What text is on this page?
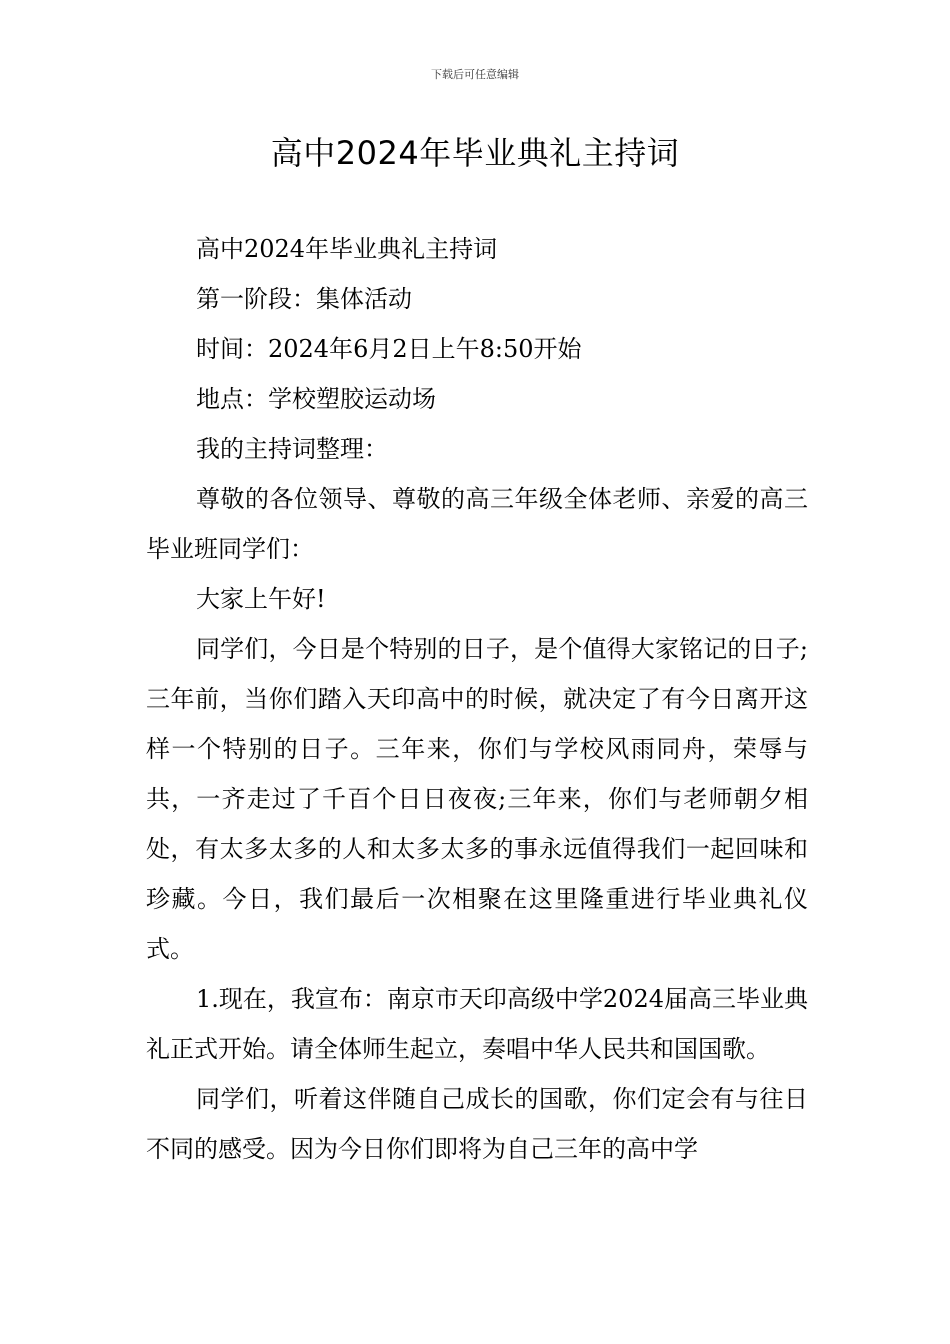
下载后可任意编辑
高中2024年毕业典礼主持词

高中2024年毕业典礼主持词

第一阶段：集体活动

时间：2024年6月2日上午8:50开始

地点：学校塑胶运动场

我的主持词整理：

尊敬的各位领导、尊敬的高三年级全体老师、亲爱的高三毕业班同学们：

大家上午好!

同学们，今日是个特别的日子，是个值得大家铭记的日子;三年前，当你们踏入天印高中的时候，就决定了有今日离开这样一个特别的日子。三年来，你们与学校风雨同舟，荣辱与共，一齐走过了千百个日日夜夜;三年来，你们与老师朝夕相处，有太多太多的人和太多太多的事永远值得我们一起回味和珍藏。今日，我们最后一次相聚在这里隆重进行毕业典礼仪式。

1.现在，我宣布：南京市天印高级中学2024届高三毕业典礼正式开始。请全体师生起立，奏唱中华人民共和国国歌。

同学们，听着这伴随自己成长的国歌，你们定会有与往日不同的感受。因为今日你们即将为自己三年的高中学
